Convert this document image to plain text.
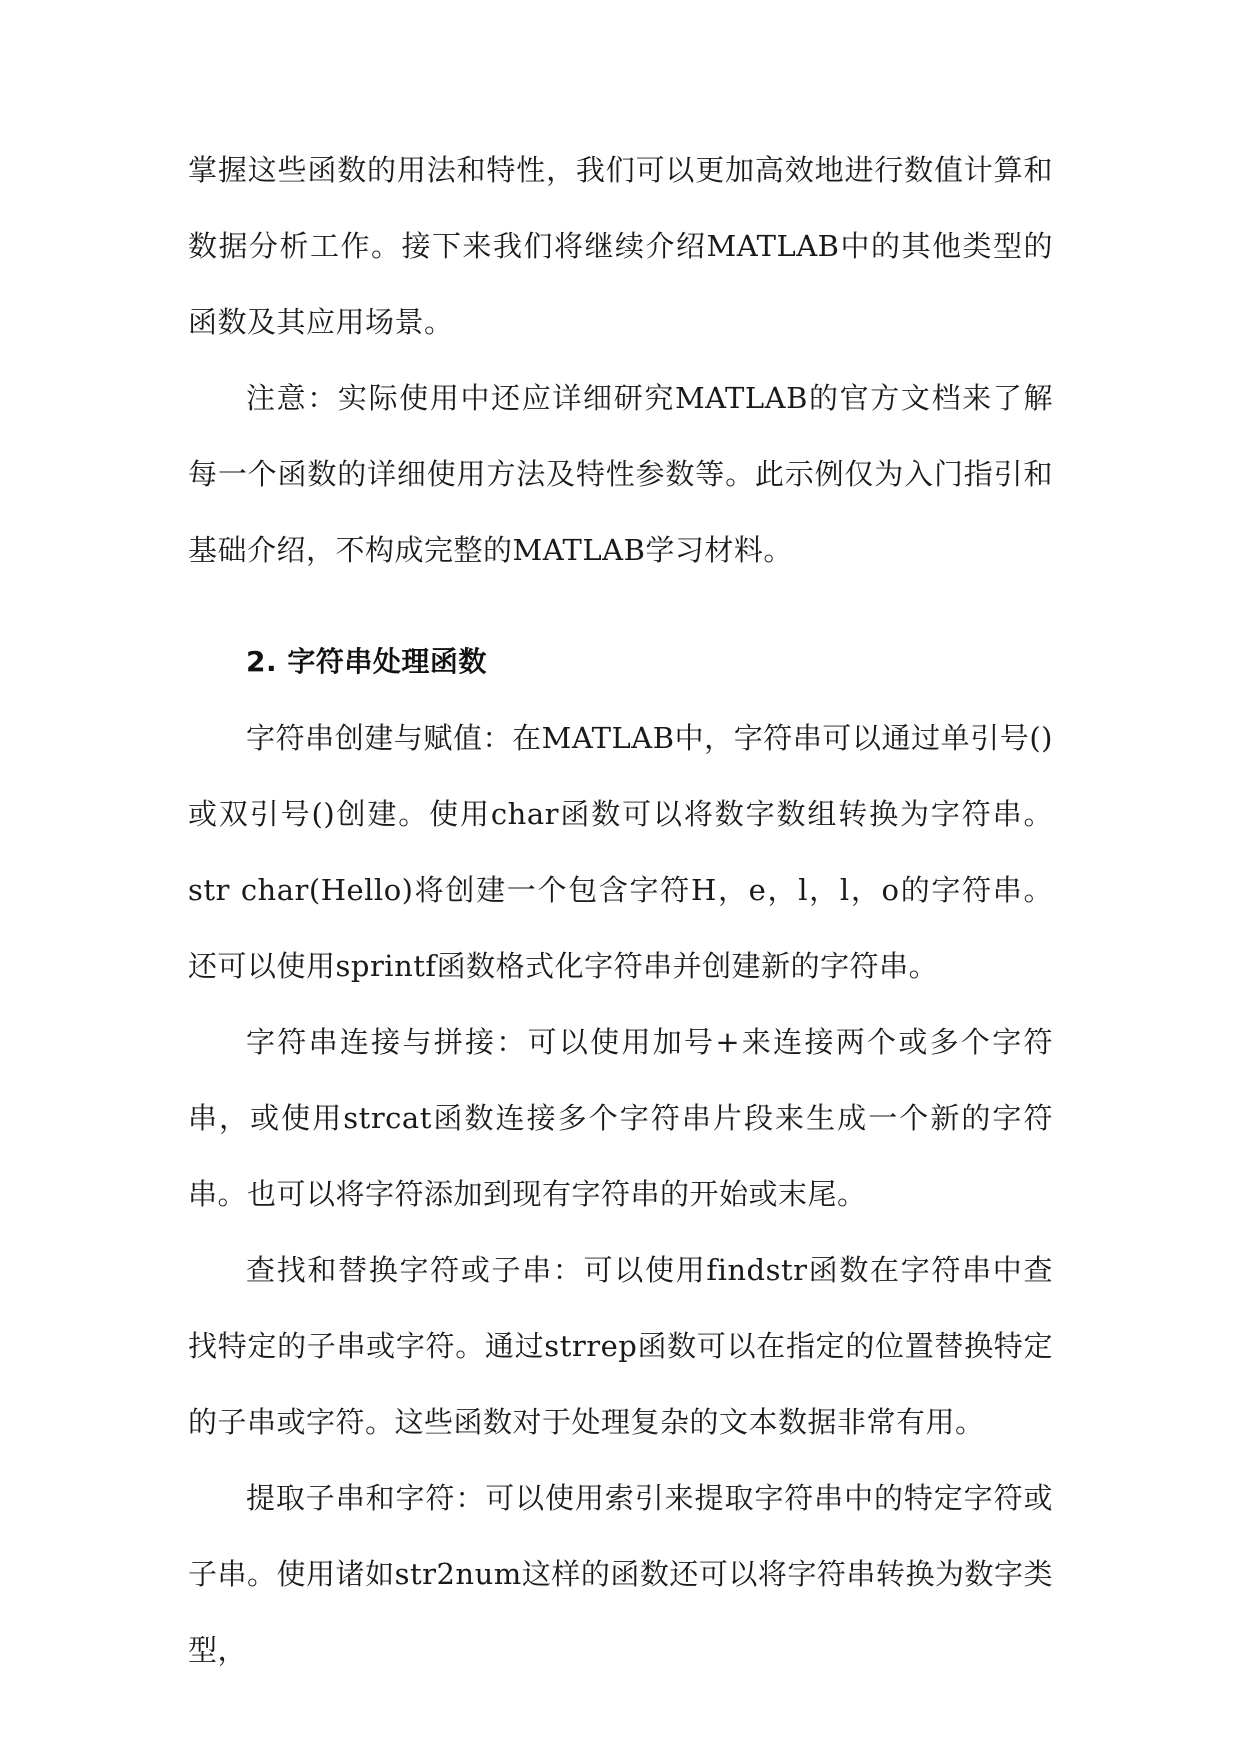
掌握这些函数的用法和特性，我们可以更加高效地进行数值计算和数据分析工作。接下来我们将继续介绍MATLAB中的其他类型的函数及其应用场景。

注意：实际使用中还应详细研究MATLAB的官方文档来了解每一个函数的详细使用方法及特性参数等。此示例仅为入门指引和基础介绍，不构成完整的MATLAB学习材料。

2. 字符串处理函数

字符串创建与赋值：在MATLAB中，字符串可以通过单引号()或双引号()创建。使用char函数可以将数字数组转换为字符串。str char(Hello)将创建一个包含字符H，e，l，l，o的字符串。还可以使用sprintf函数格式化字符串并创建新的字符串。

字符串连接与拼接：可以使用加号+来连接两个或多个字符串，或使用strcat函数连接多个字符串片段来生成一个新的字符串。也可以将字符添加到现有字符串的开始或末尾。

查找和替换字符或子串：可以使用findstr函数在字符串中查找特定的子串或字符。通过strrep函数可以在指定的位置替换特定的子串或字符。这些函数对于处理复杂的文本数据非常有用。

提取子串和字符：可以使用索引来提取字符串中的特定字符或子串。使用诸如str2num这样的函数还可以将字符串转换为数字类型，
